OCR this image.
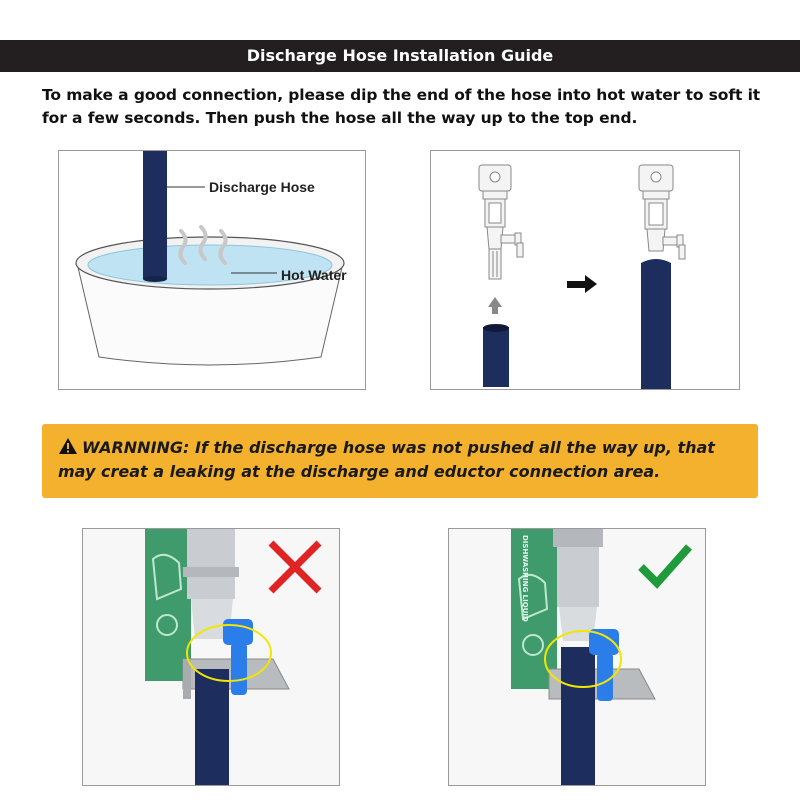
Discharge Hose Installation Guide
To make a good connection, please dip the end of the hose into hot water to soft it for a few seconds. Then push the hose all the way up to the top end.
Discharge Hose
Hot Water
WARNNING: If the discharge hose was not pushed all the way up, that may creat a leaking at the discharge and eductor connection area.
DISHWASHING LIQUID
